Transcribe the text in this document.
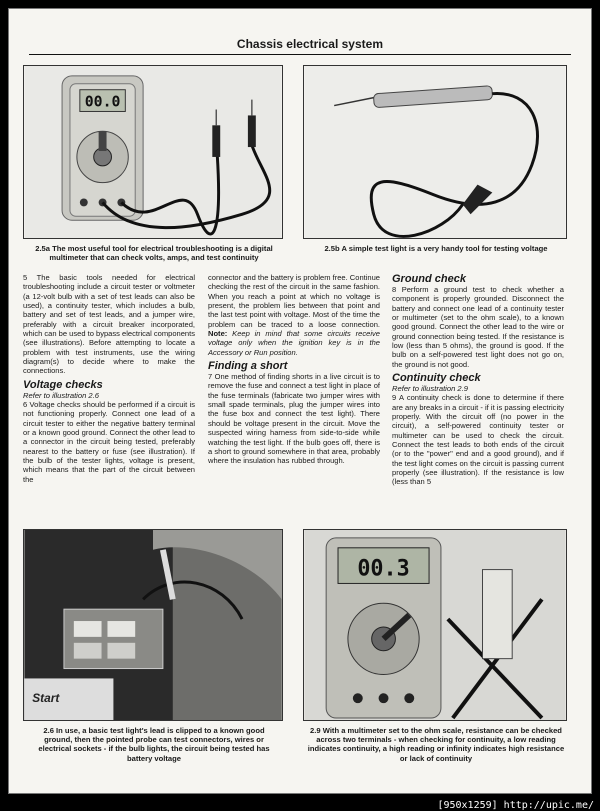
Chassis electrical system
00.0
2.5a The most useful tool for electrical troubleshooting is a digital multimeter that can check volts, amps, and test continuity
2.5b A simple test light is a very handy tool for testing voltage

5 The basic tools needed for electrical troubleshooting include a circuit tester or voltmeter (a 12-volt bulb with a set of test leads can also be used), a continuity tester, which includes a bulb, battery and set of test leads, and a jumper wire, preferably with a circuit breaker incorporated, which can be used to bypass electrical components (see illustrations). Before attempting to locate a problem with test instruments, use the wiring diagram(s) to decide where to make the connections.

Voltage checks
Refer to illustration 2.6

6 Voltage checks should be performed if a circuit is not functioning properly. Connect one lead of a circuit tester to either the negative battery terminal or a known good ground. Connect the other lead to a connector in the circuit being tested, preferably nearest to the battery or fuse (see illustration). If the bulb of the tester lights, voltage is present, which means that the part of the circuit between the

connector and the battery is problem free. Continue checking the rest of the circuit in the same fashion. When you reach a point at which no voltage is present, the problem lies between that point and the last test point with voltage. Most of the time the problem can be traced to a loose connection. Note: Keep in mind that some circuits receive voltage only when the ignition key is in the Accessory or Run position.

Finding a short

7 One method of finding shorts in a live circuit is to remove the fuse and connect a test light in place of the fuse terminals (fabricate two jumper wires with small spade terminals, plug the jumper wires into the fuse box and connect the test light). There should be voltage present in the circuit. Move the suspected wiring harness from side-to-side while watching the test light. If the bulb goes off, there is a short to ground somewhere in that area, probably where the insulation has rubbed through.

Ground check

8 Perform a ground test to check whether a component is properly grounded. Disconnect the battery and connect one lead of a continuity tester or multimeter (set to the ohm scale), to a known good ground. Connect the other lead to the wire or ground connection being tested. If the resistance is low (less than 5 ohms), the ground is good. If the bulb on a self-powered test light does not go on, the ground is not good.

Continuity check
Refer to illustration 2.9

9 A continuity check is done to determine if there are any breaks in a circuit - if it is passing electricity properly. With the circuit off (no power in the circuit), a self-powered continuity tester or multimeter can be used to check the circuit. Connect the test leads to both ends of the circuit (or to the "power" end and a good ground), and if the test light comes on the circuit is passing current properly (see illustration). If the resistance is low (less than 5

Start
2.6 In use, a basic test light's lead is clipped to a known good ground, then the pointed probe can test connectors, wires or electrical sockets - if the bulb lights, the circuit being tested has battery voltage
00.3
2.9 With a multimeter set to the ohm scale, resistance can be checked across two terminals - when checking for continuity, a low reading indicates continuity, a high reading or infinity indicates high resistance or lack of continuity
[950x1259] http://upic.me/
